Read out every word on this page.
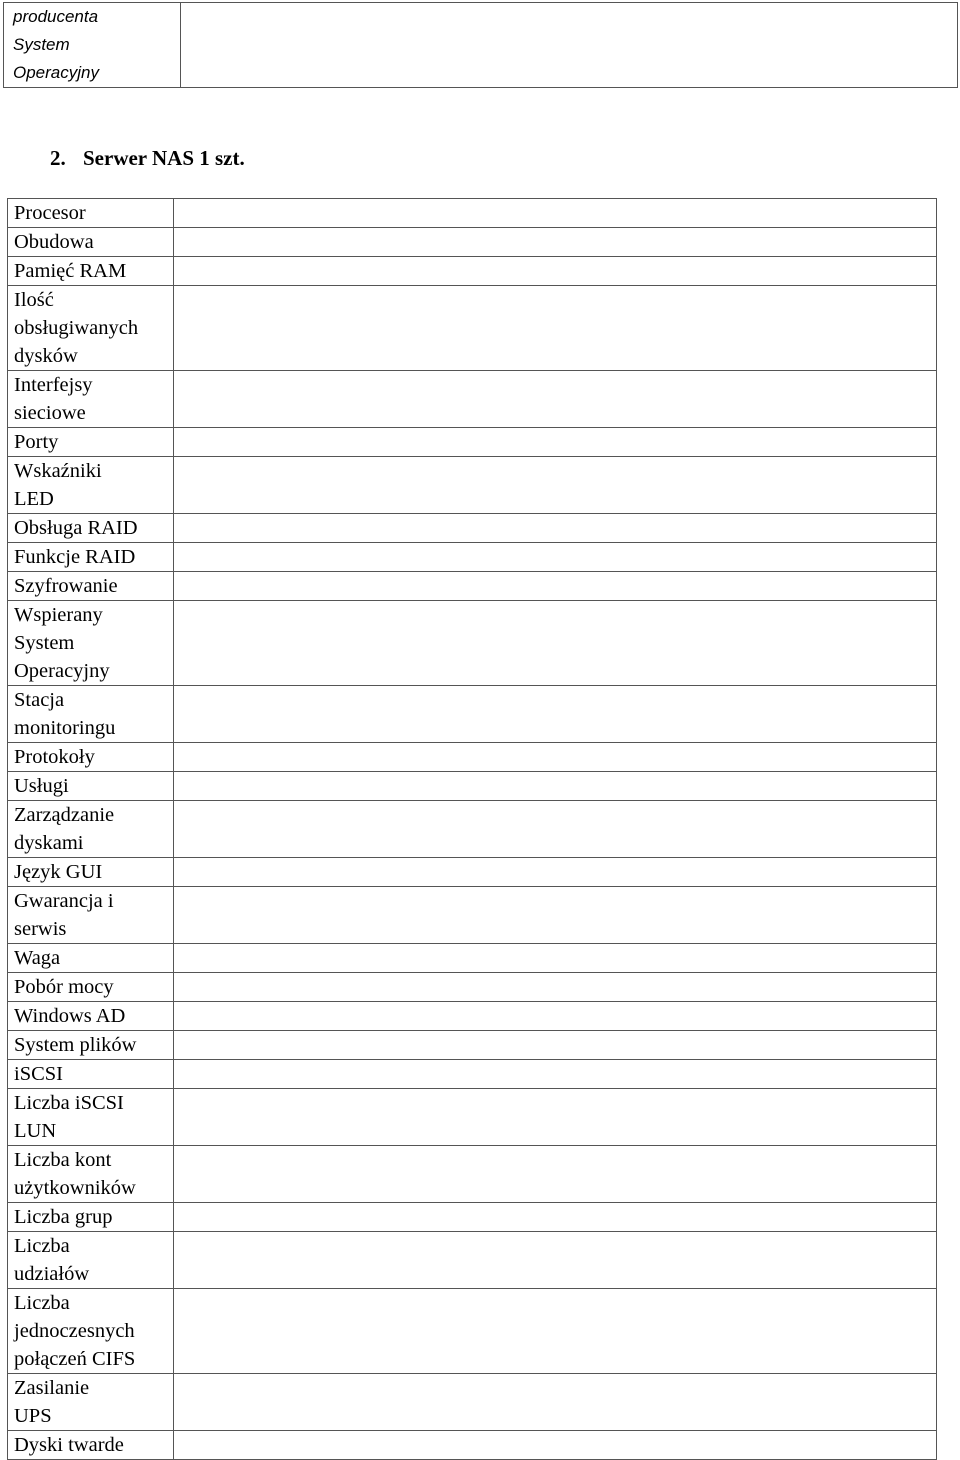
producenta
System
Operacyjny

2. Serwer NAS 1 szt.
Procesor	

Obudowa	

Pamięć RAM	

Ilość
obsługiwanych
dysków	

Interfejsy
sieciowe	

Porty	

Wskaźniki
LED	

Obsługa RAID	

Funkcje RAID	

Szyfrowanie	

Wspierany
System
Operacyjny	

Stacja
monitoringu	

Protokoły	

Usługi	

Zarządzanie
dyskami	

Język GUI	

Gwarancja i
serwis	

Waga	

Pobór mocy	

Windows AD	

System plików	

iSCSI	

Liczba iSCSI
LUN	

Liczba kont
użytkowników	

Liczba grup	

Liczba
udziałów	

Liczba
jednoczesnych
połączeń CIFS	

Zasilanie
UPS	

Dyski twarde	
